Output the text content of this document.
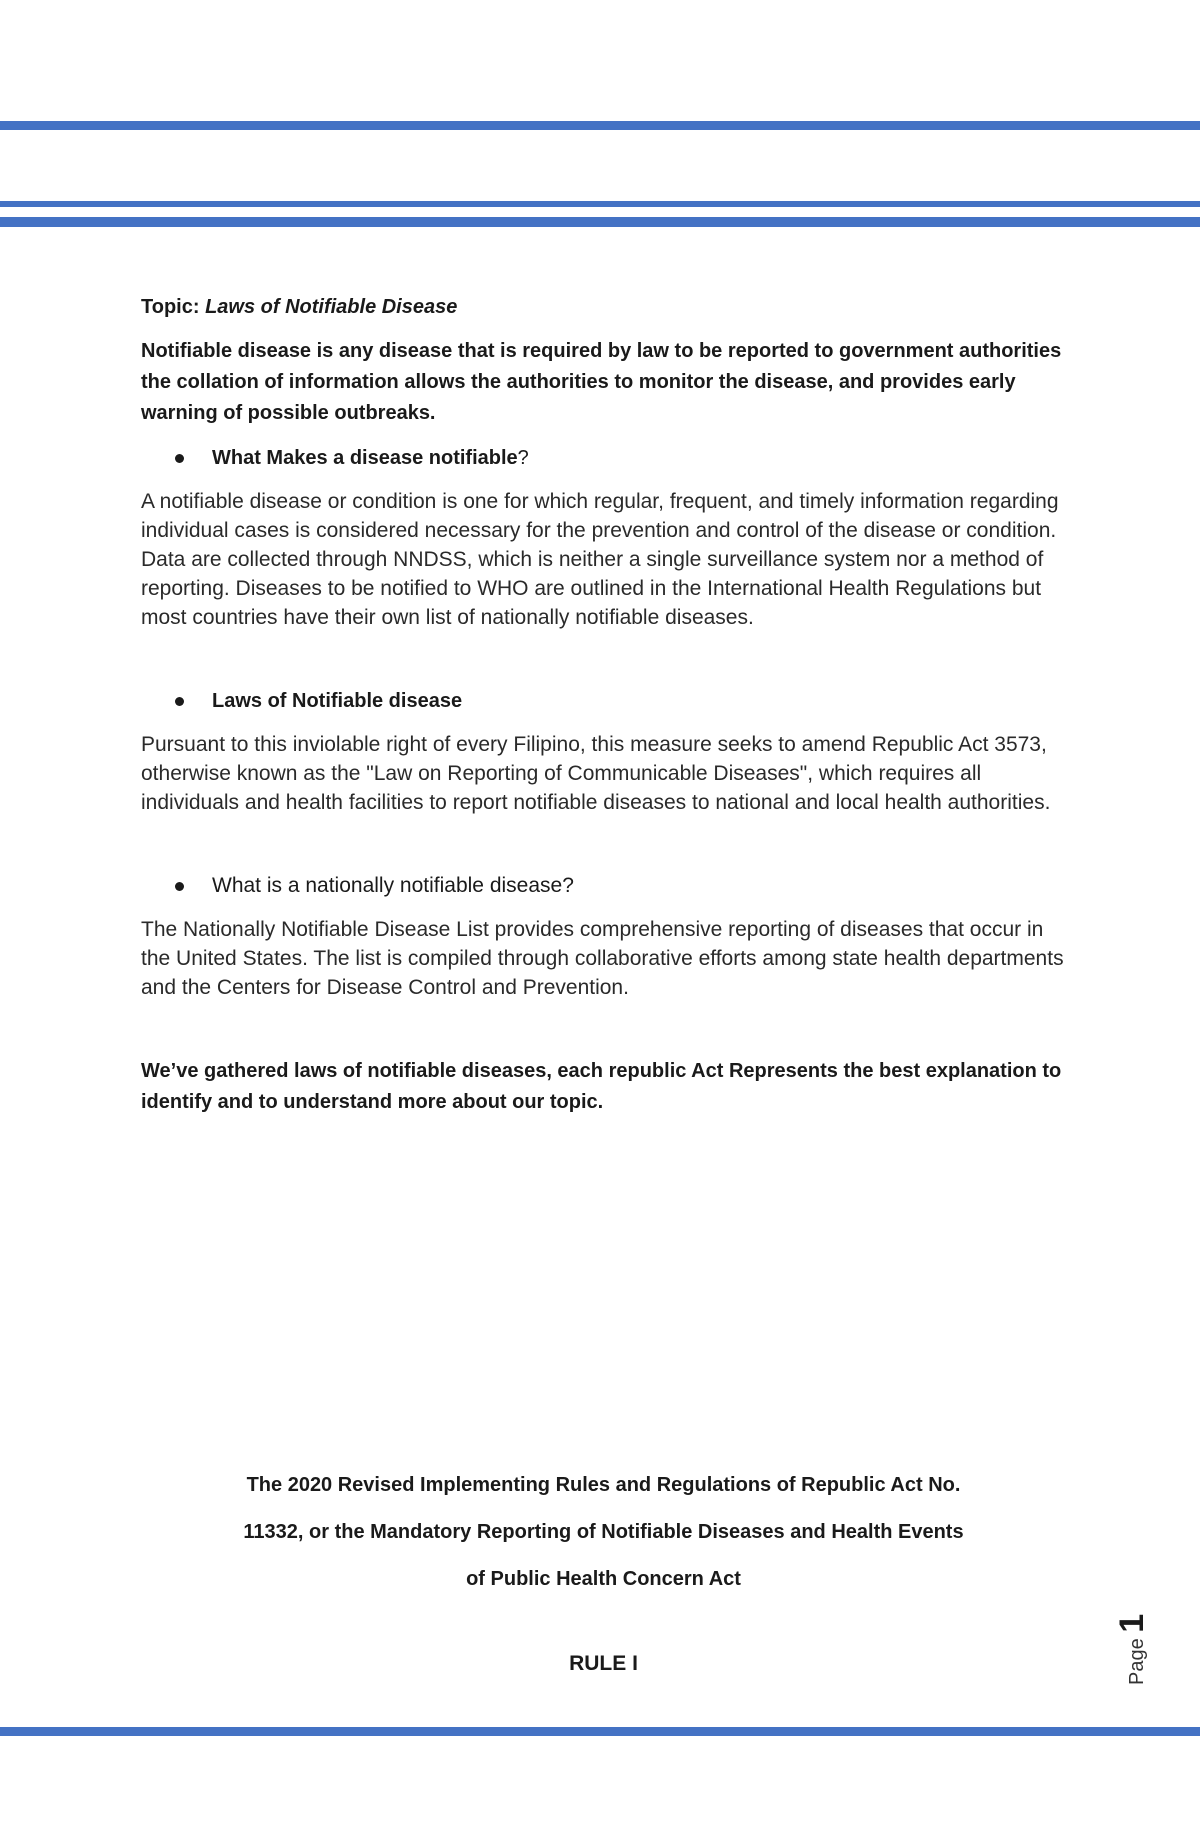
Topic: Laws of Notifiable Disease

Notifiable disease is any disease that is required by law to be reported to government authorities the collation of information allows the authorities to monitor the disease, and provides early warning of possible outbreaks.

What Makes a disease notifiable?

A notifiable disease or condition is one for which regular, frequent, and timely information regarding individual cases is considered necessary for the prevention and control of the disease or condition. Data are collected through NNDSS, which is neither a single surveillance system nor a method of reporting. Diseases to be notified to WHO are outlined in the International Health Regulations but most countries have their own list of nationally notifiable diseases.

Laws of Notifiable disease

Pursuant to this inviolable right of every Filipino, this measure seeks to amend Republic Act 3573, otherwise known as the "Law on Reporting of Communicable Diseases", which requires all individuals and health facilities to report notifiable diseases to national and local health authorities.

What is a nationally notifiable disease?

The Nationally Notifiable Disease List provides comprehensive reporting of diseases that occur in the United States. The list is compiled through collaborative efforts among state health departments and the Centers for Disease Control and Prevention.

We’ve gathered laws of notifiable diseases, each republic Act Represents the best explanation to identify and to understand more about our topic.

The 2020 Revised Implementing Rules and Regulations of Republic Act No.
11332, or the Mandatory Reporting of Notifiable Diseases and Health Events
of Public Health Concern Act
RULE I	Page 1
